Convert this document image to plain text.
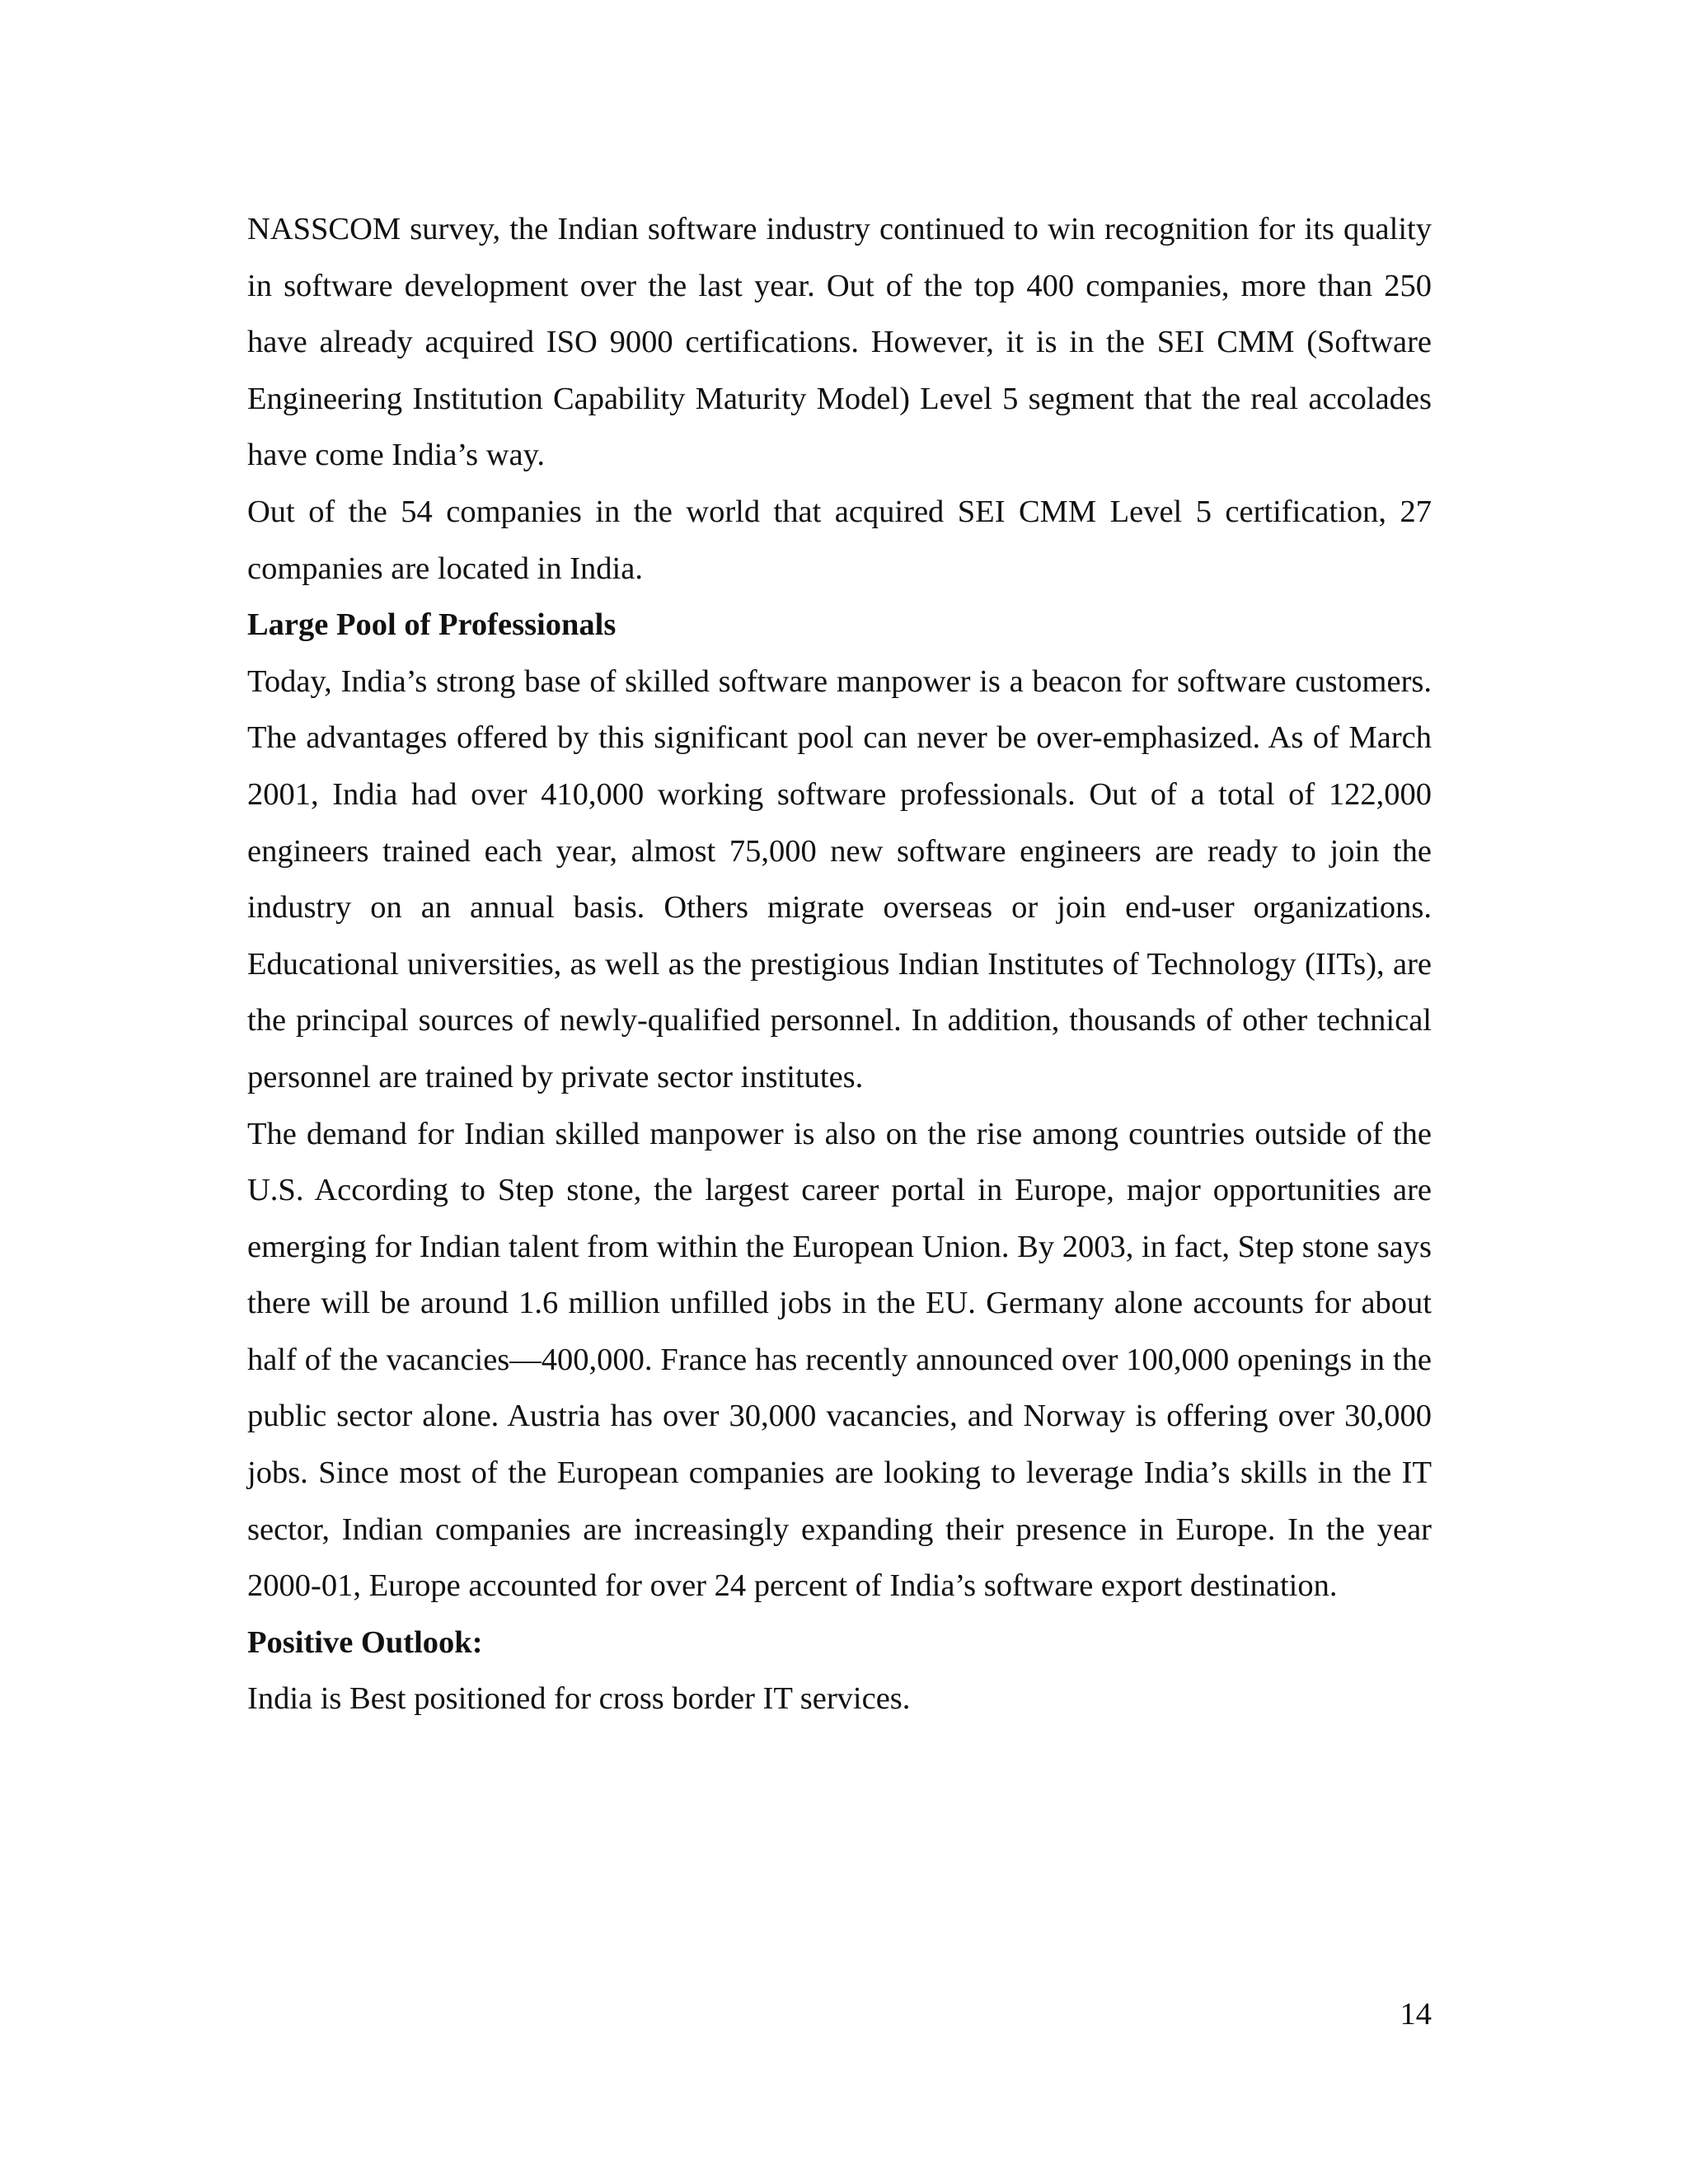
NASSCOM survey, the Indian software industry continued to win recognition for its quality in software development over the last year. Out of the top 400 companies, more than 250 have already acquired ISO 9000 certifications. However, it is in the SEI CMM (Software Engineering Institution Capability Maturity Model) Level 5 segment that the real accolades have come India’s way.

Out of the 54 companies in the world that acquired SEI CMM Level 5 certification, 27 companies are located in India.

Large Pool of Professionals

Today, India’s strong base of skilled software manpower is a beacon for software customers. The advantages offered by this significant pool can never be over-emphasized. As of March 2001, India had over 410,000 working software professionals. Out of a total of 122,000 engineers trained each year, almost 75,000 new software engineers are ready to join the industry on an annual basis. Others migrate overseas or join end-user organizations. Educational universities, as well as the prestigious Indian Institutes of Technology (IITs), are the principal sources of newly-qualified personnel. In addition, thousands of other technical personnel are trained by private sector institutes.

The demand for Indian skilled manpower is also on the rise among countries outside of the U.S. According to Step stone, the largest career portal in Europe, major opportunities are emerging for Indian talent from within the European Union. By 2003, in fact, Step stone says there will be around 1.6 million unfilled jobs in the EU. Germany alone accounts for about half of the vacancies—400,000. France has recently announced over 100,000 openings in the public sector alone. Austria has over 30,000 vacancies, and Norway is offering over 30,000 jobs. Since most of the European companies are looking to leverage India’s skills in the IT sector, Indian companies are increasingly expanding their presence in Europe. In the year 2000-01, Europe accounted for over 24 percent of India’s software export destination.

Positive Outlook:

India is Best positioned for cross border IT services.

14
